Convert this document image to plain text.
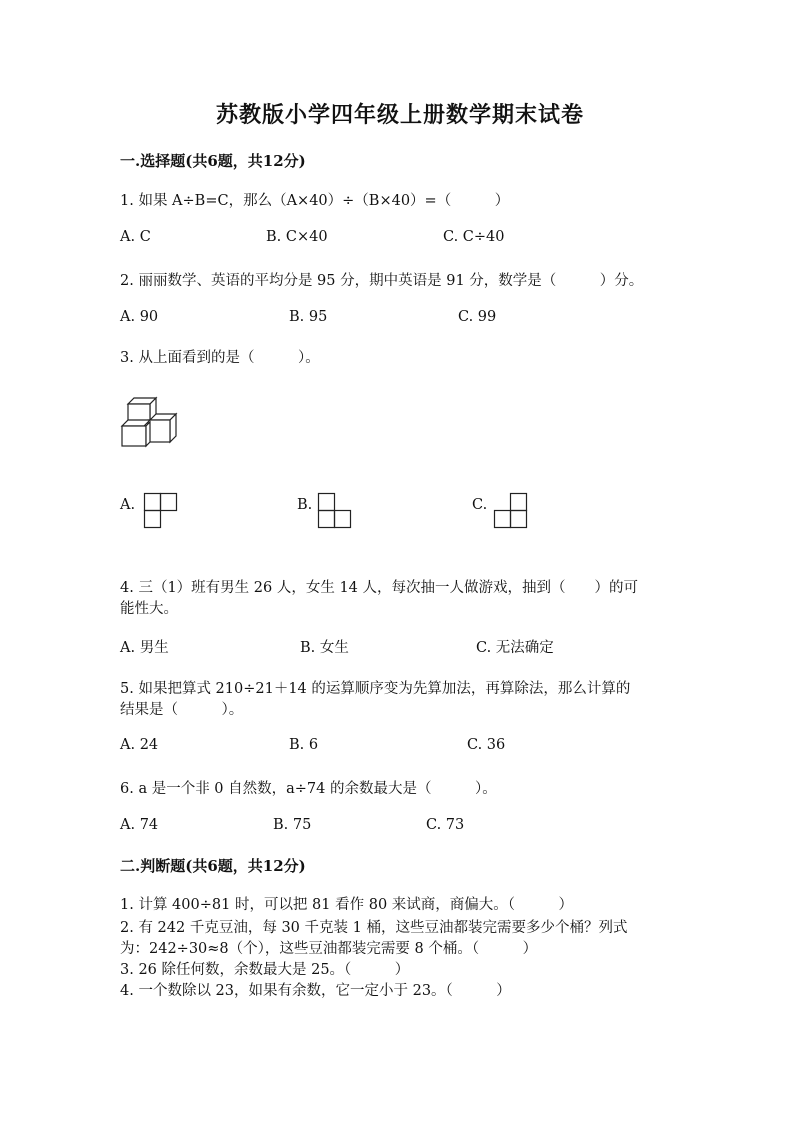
苏教版小学四年级上册数学期末试卷
一.选择题(共6题，共12分)
1. 如果 A÷B=C，那么（A×40）÷（B×40）=（　　　）
A. C	B. C×40	C. C÷40
2. 丽丽数学、英语的平均分是 95 分，期中英语是 91 分，数学是（　　　）分。
A. 90	B. 95	C. 99
3. 从上面看到的是（　　　）。
A.	B.	C.
4. 三（1）班有男生 26 人，女生 14 人，每次抽一人做游戏，抽到（　　）的可
能性大。
A. 男生	B. 女生	C. 无法确定
5. 如果把算式 210÷21＋14 的运算顺序变为先算加法，再算除法，那么计算的
结果是（　　　）。
A. 24	B. 6	C. 36
6. a 是一个非 0 自然数，a÷74 的余数最大是（　　　）。
A. 74	B. 75	C. 73
二.判断题(共6题，共12分)
1. 计算 400÷81 时，可以把 81 看作 80 来试商，商偏大。（　　　）
2. 有 242 千克豆油，每 30 千克装 1 桶，这些豆油都装完需要多少个桶？列式
为：242÷30≈8（个），这些豆油都装完需要 8 个桶。（　　　）
3. 26 除任何数，余数最大是 25。（　　　）
4. 一个数除以 23，如果有余数，它一定小于 23。（　　　）
